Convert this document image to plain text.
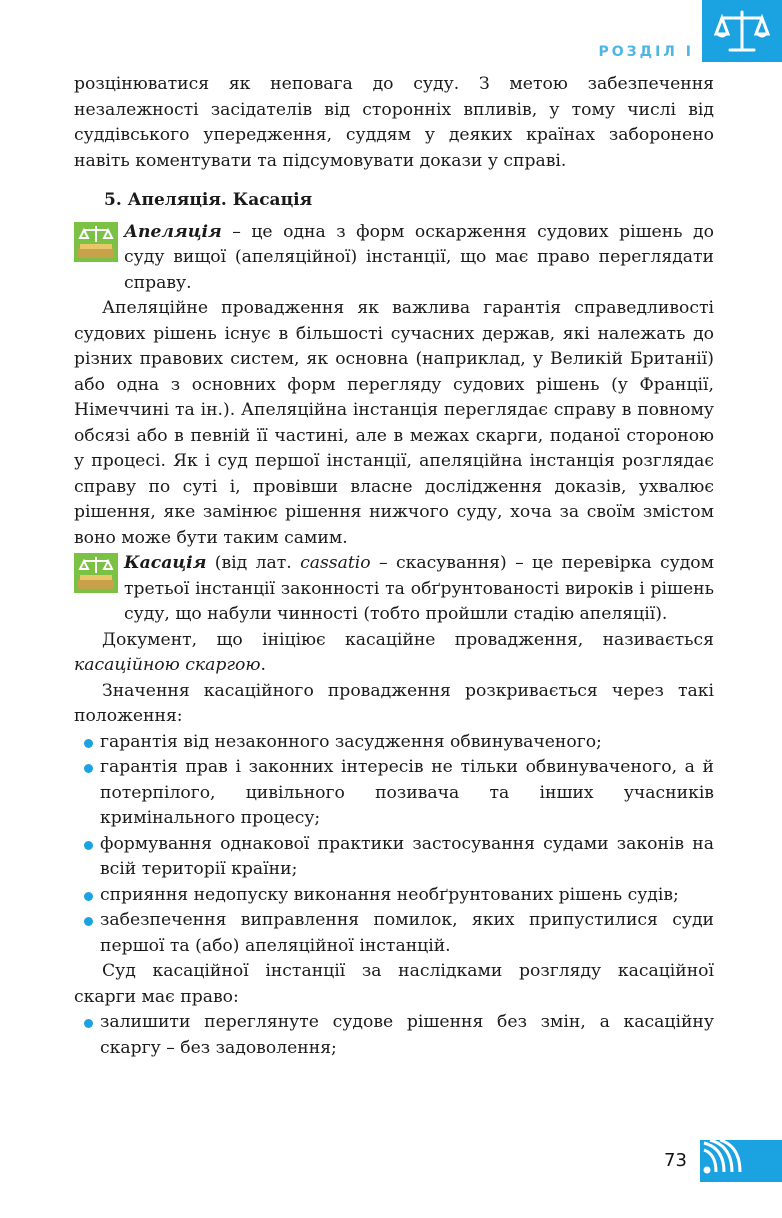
РОЗДІЛ І

розцінюватися як неповага до суду. З метою забезпечення незалежності засідателів від сторонніх впливів, у тому числі від суддівського упередження, суддям у деяких країнах заборонено навіть коментувати та підсумовувати докази у справі.

5. Апеляція. Касація

Апеляція – це одна з форм оскарження судових рішень до суду вищої (апеляційної) інстанції, що має право переглядати справу.

Апеляційне провадження як важлива гарантія справедливості судових рішень існує в більшості сучасних держав, які належать до різних правових систем, як основна (наприклад, у Великій Британії) або одна з основних форм перегляду судових рішень (у Франції, Німеччині та ін.). Апеляційна інстанція переглядає справу в повному обсязі або в певній її частині, але в межах скарги, поданої стороною у процесі. Як і суд першої інстанції, апеляційна інстанція розглядає справу по суті і, провівши власне дослідження доказів, ухвалює рішення, яке замінює рішення нижчого суду, хоча за своїм змістом воно може бути таким самим.

Касація (від лат. cassatio – скасування) – це перевірка судом третьої інстанції законності та обґрунтованості вироків і рішень суду, що набули чинності (тобто пройшли стадію апеляції).

Документ, що ініціює касаційне провадження, називається касаційною скаргою.

Значення касаційного провадження розкривається через такі положення:

гарантія від незаконного засудження обвинуваченого;
гарантія прав і законних інтересів не тільки обвинуваченого, а й потерпілого, цивільного позивача та інших учасників кримінального процесу;
формування однакової практики застосування судами законів на всій території країни;
сприяння недопуску виконання необґрунтованих рішень судів;
забезпечення виправлення помилок, яких припустилися суди першої та (або) апеляційної інстанцій.

Суд касаційної інстанції за наслідками розгляду касаційної скарги має право:

залишити переглянуте судове рішення без змін, а касаційну скаргу – без задоволення;
73
